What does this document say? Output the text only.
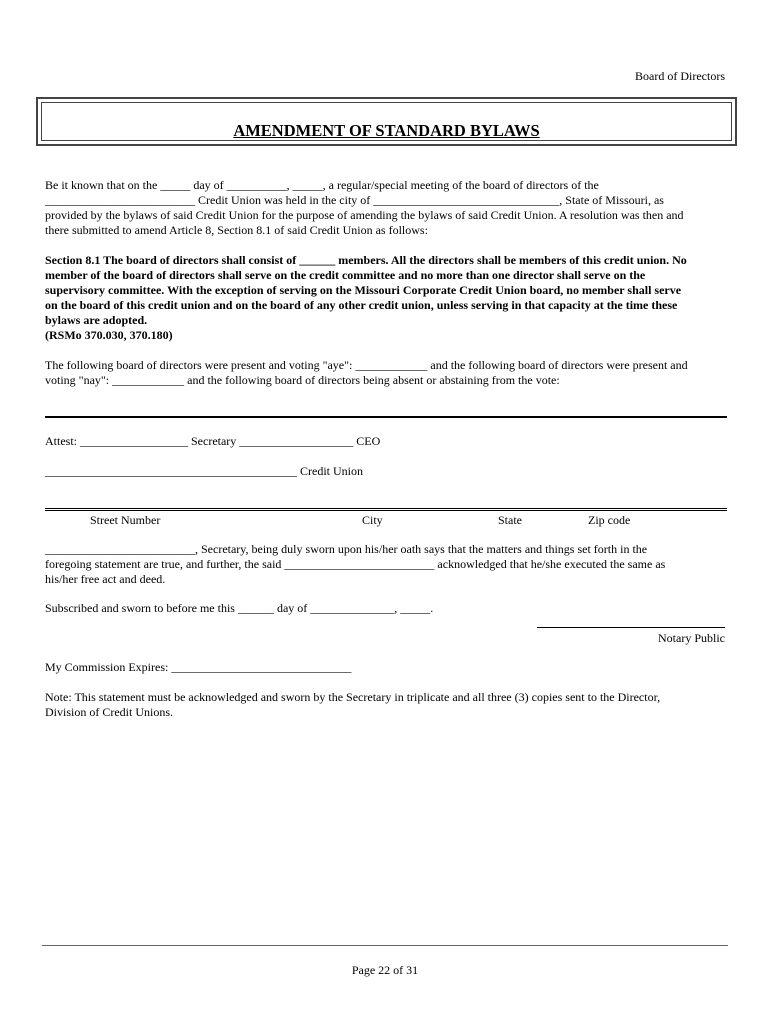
Board of Directors
AMENDMENT OF STANDARD BYLAWS
Be it known that on the _____ day of __________, _____, a regular/special meeting of the board of directors of the
_________________________ Credit Union was held in the city of _______________________________, State of Missouri, as
provided by the bylaws of said Credit Union for the purpose of amending the bylaws of said Credit Union. A resolution was then and
there submitted to amend Article 8, Section 8.1 of said Credit Union as follows:
Section 8.1 The board of directors shall consist of ______ members. All the directors shall be members of this credit union. No
member of the board of directors shall serve on the credit committee and no more than one director shall serve on the
supervisory committee. With the exception of serving on the Missouri Corporate Credit Union board, no member shall serve
on the board of this credit union and on the board of any other credit union, unless serving in that capacity at the time these
bylaws are adopted.
(RSMo 370.030, 370.180)
The following board of directors were present and voting "aye": ____________ and the following board of directors were present and
voting "nay": ____________ and the following board of directors being absent or abstaining from the vote:
Attest: __________________ Secretary ___________________ CEO
__________________________________________ Credit Union
Street Number	City	State	Zip code
_________________________, Secretary, being duly sworn upon his/her oath says that the matters and things set forth in the
foregoing statement are true, and further, the said _________________________ acknowledged that he/she executed the same as
his/her free act and deed.
Subscribed and sworn to before me this ______ day of ______________, _____.
Notary Public
My Commission Expires: ______________________________
Note: This statement must be acknowledged and sworn by the Secretary in triplicate and all three (3) copies sent to the Director,
Division of Credit Unions.
Page 22 of 31
